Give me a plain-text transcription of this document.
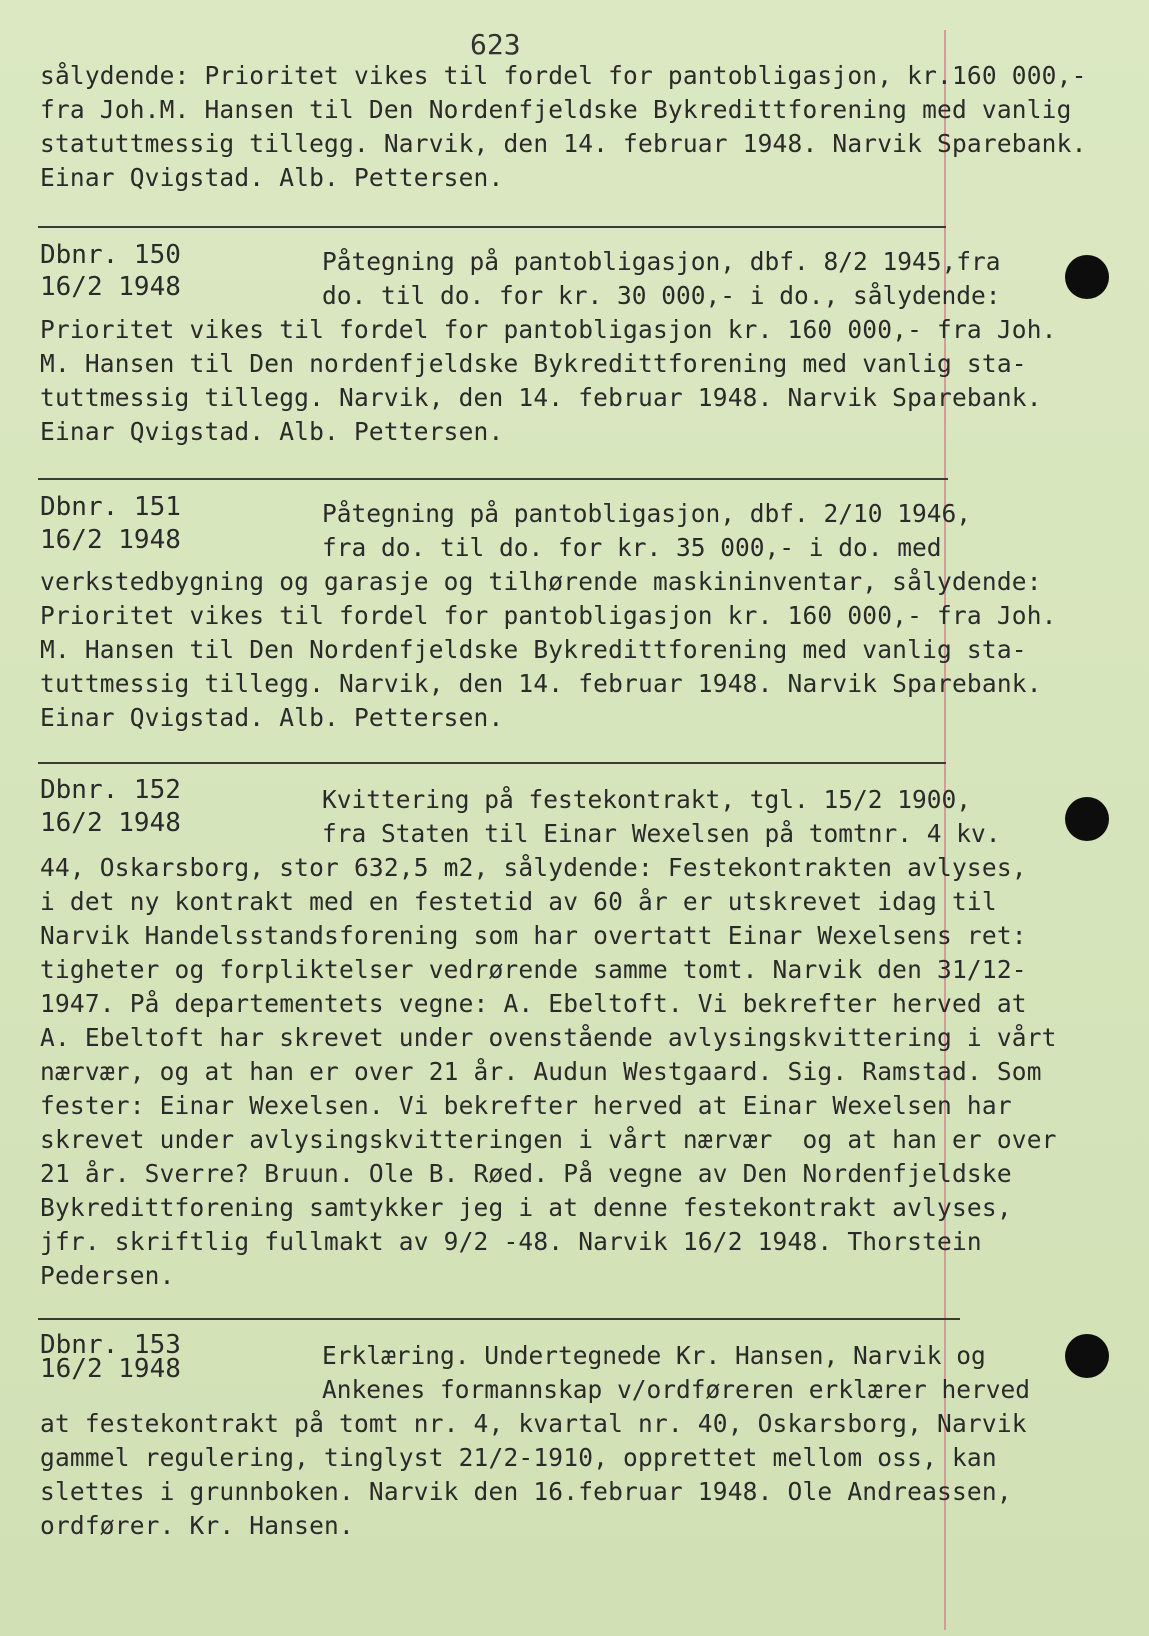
623
sålydende: Prioritet vikes til fordel for pantobligasjon, kr.160 000,-
fra Joh.M. Hansen til Den Nordenfjeldske Bykredittforening med vanlig
statuttmessig tillegg. Narvik, den 14. februar 1948. Narvik Sparebank.
Einar Qvigstad. Alb. Pettersen.
Dbnr. 150
16/2 1948
Påtegning på pantobligasjon, dbf. 8/2 1945,fra
do. til do. for kr. 30 000,- i do., sålydende:
Prioritet vikes til fordel for pantobligasjon kr. 160 000,- fra Joh.
M. Hansen til Den nordenfjeldske Bykredittforening med vanlig sta-
tuttmessig tillegg. Narvik, den 14. februar 1948. Narvik Sparebank.
Einar Qvigstad. Alb. Pettersen.
Dbnr. 151
16/2 1948
Påtegning på pantobligasjon, dbf. 2/10 1946,
fra do. til do. for kr. 35 000,- i do. med
verkstedbygning og garasje og tilhørende maskininventar, sålydende:
Prioritet vikes til fordel for pantobligasjon kr. 160 000,- fra Joh.
M. Hansen til Den Nordenfjeldske Bykredittforening med vanlig sta-
tuttmessig tillegg. Narvik, den 14. februar 1948. Narvik Sparebank.
Einar Qvigstad. Alb. Pettersen.
Dbnr. 152
16/2 1948
Kvittering på festekontrakt, tgl. 15/2 1900,
fra Staten til Einar Wexelsen på tomtnr. 4 kv.
44, Oskarsborg, stor 632,5 m2, sålydende: Festekontrakten avlyses,
i det ny kontrakt med en festetid av 60 år er utskrevet idag til
Narvik Handelsstandsforening som har overtatt Einar Wexelsens ret:
tigheter og forpliktelser vedrørende samme tomt. Narvik den 31/12-
1947. På departementets vegne: A. Ebeltoft. Vi bekrefter herved at
A. Ebeltoft har skrevet under ovenstående avlysingskvittering i vårt
nærvær, og at han er over 21 år. Audun Westgaard. Sig. Ramstad. Som
fester: Einar Wexelsen. Vi bekrefter herved at Einar Wexelsen har
skrevet under avlysingskvitteringen i vårt nærvær  og at han er over
21 år. Sverre? Bruun. Ole B. Røed. På vegne av Den Nordenfjeldske
Bykredittforening samtykker jeg i at denne festekontrakt avlyses,
jfr. skriftlig fullmakt av 9/2 -48. Narvik 16/2 1948. Thorstein
Pedersen.
Dbnr. 153
16/2 1948	Erklæring. Undertegnede Kr. Hansen, Narvik og
Ankenes formannskap v/ordføreren erklærer herved
at festekontrakt på tomt nr. 4, kvartal nr. 40, Oskarsborg, Narvik
gammel regulering, tinglyst 21/2-1910, opprettet mellom oss, kan
slettes i grunnboken. Narvik den 16.februar 1948. Ole Andreassen,
ordfører. Kr. Hansen.
